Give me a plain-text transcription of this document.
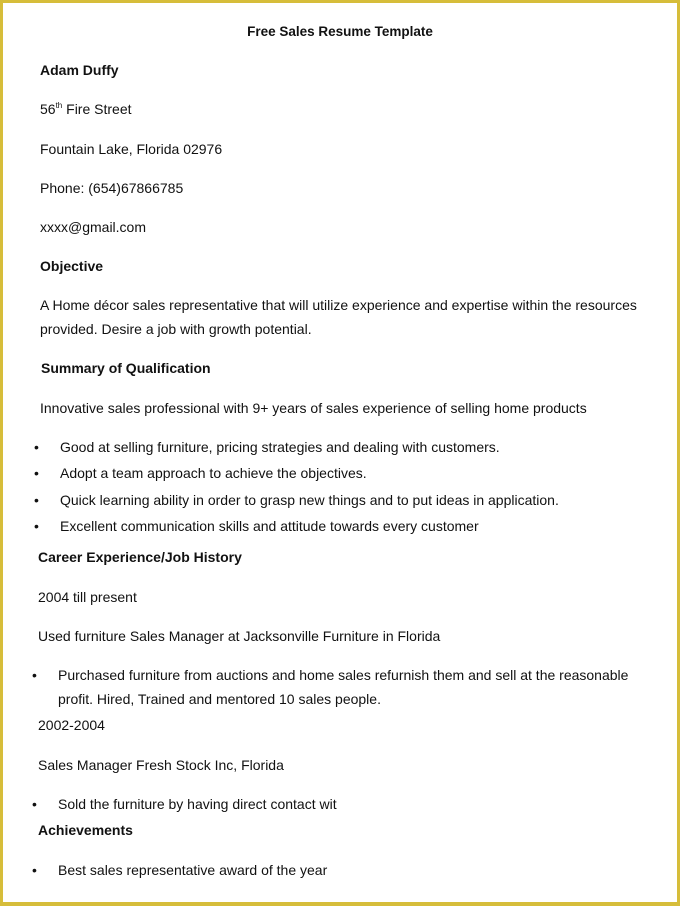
Free Sales Resume Template
Adam Duffy
56th Fire Street
Fountain Lake, Florida 02976
Phone: (654)67866785
xxxx@gmail.com
Objective
A Home décor sales representative that will utilize experience and expertise within the resources
provided. Desire a job with growth potential.
Summary of Qualification
Innovative sales professional with 9+ years of sales experience of selling home products
• Good at selling furniture, pricing strategies and dealing with customers.
• Adopt a team approach to achieve the objectives.
• Quick learning ability in order to grasp new things and to put ideas in application.
• Excellent communication skills and attitude towards every customer
Career Experience/Job History
2004 till present
Used furniture Sales Manager at Jacksonville Furniture in Florida
• Purchased furniture from auctions and home sales refurnish them and sell at the reasonable
profit. Hired, Trained and mentored 10 sales people.
2002-2004
Sales Manager Fresh Stock Inc, Florida
• Sold the furniture by having direct contact wit
Achievements
• Best sales representative award of the year
